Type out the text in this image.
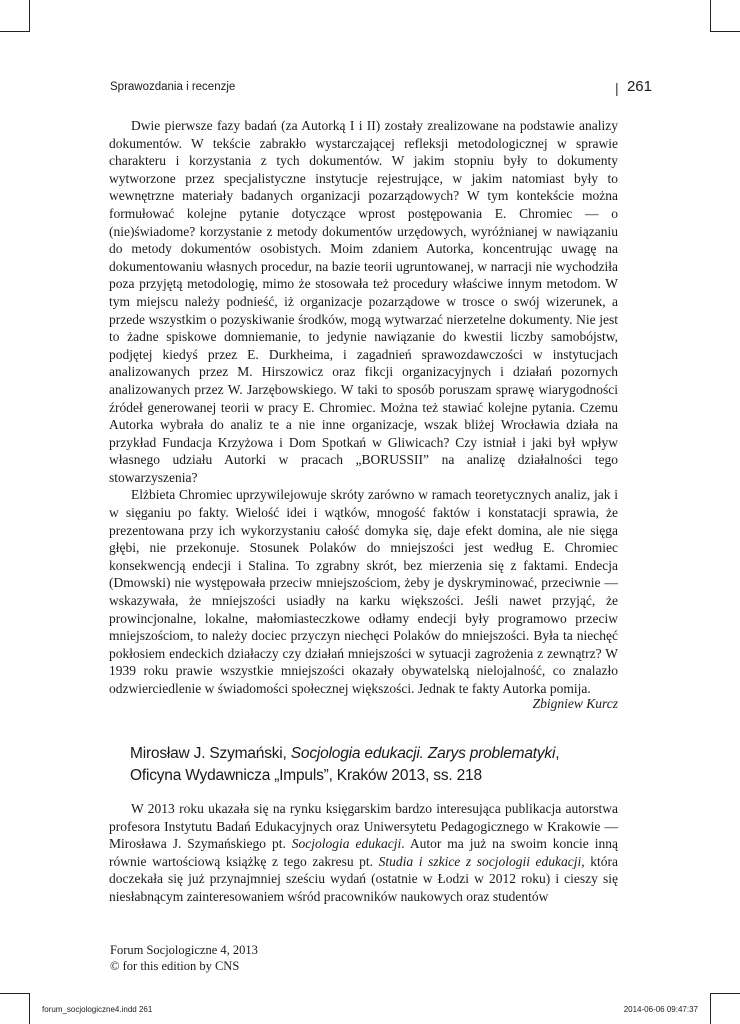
Sprawozdania i recenzje	| 261

Dwie pierwsze fazy badań (za Autorką I i II) zostały zrealizowane na podstawie analizy dokumentów. W tekście zabrakło wystarczającej refleksji metodologicznej w sprawie charakteru i korzystania z tych dokumentów. W jakim stopniu były to dokumenty wytworzone przez specjalistyczne instytucje rejestrujące, w jakim natomiast były to wewnętrzne materiały badanych organizacji pozarządowych? W tym kontekście można formułować kolejne pytanie dotyczące wprost postępowania E. Chromiec — o (nie)świadome? korzystanie z metody dokumentów urzędowych, wyróżnianej w nawiązaniu do metody dokumentów osobistych. Moim zdaniem Autorka, koncentrując uwagę na dokumentowaniu własnych procedur, na bazie teorii ugruntowanej, w narracji nie wychodziła poza przyjętą metodologię, mimo że stosowała też procedury właściwe innym metodom. W tym miejscu należy podnieść, iż organizacje pozarządowe w trosce o swój wizerunek, a przede wszystkim o pozyskiwanie środków, mogą wytwarzać nierzetelne dokumenty. Nie jest to żadne spiskowe domniemanie, to jedynie nawiązanie do kwestii liczby samobójstw, podjętej kiedyś przez E. Durkheima, i zagadnień sprawozdawczości w instytucjach analizowanych przez M. Hirszowicz oraz fikcji organizacyjnych i działań pozornych analizowanych przez W. Jarzębowskiego. W taki to sposób poruszam sprawę wiarygodności źródeł generowanej teorii w pracy E. Chromiec. Można też stawiać kolejne pytania. Czemu Autorka wybrała do analiz te a nie inne organizacje, wszak bliżej Wrocławia działa na przykład Fundacja Krzyżowa i Dom Spotkań w Gliwicach? Czy istniał i jaki był wpływ własnego udziału Autorki w pracach „BORUSSII” na analizę działalności tego stowarzyszenia?

Elżbieta Chromiec uprzywilejowuje skróty zarówno w ramach teoretycznych analiz, jak i w sięganiu po fakty. Wielość idei i wątków, mnogość faktów i konstatacji sprawia, że prezentowana przy ich wykorzystaniu całość domyka się, daje efekt domina, ale nie sięga głębi, nie przekonuje. Stosunek Polaków do mniejszości jest według E. Chromiec konsekwencją endecji i Stalina. To zgrabny skrót, bez mierzenia się z faktami. Endecja (Dmowski) nie występowała przeciw mniejszościom, żeby je dyskryminować, przeciwnie — wskazywała, że mniejszości usiadły na karku większości. Jeśli nawet przyjąć, że prowincjonalne, lokalne, małomiasteczkowe odłamy endecji były programowo przeciw mniejszościom, to należy dociec przyczyn niechęci Polaków do mniejszości. Była ta niechęć pokłosiem endeckich działaczy czy działań mniejszości w sytuacji zagrożenia z zewnątrz? W 1939 roku prawie wszystkie mniejszości okazały obywatelską nielojalność, co znalazło odzwierciedlenie w świadomości społecznej większości. Jednak te fakty Autorka pomija.

Zbigniew Kurcz
Mirosław J. Szymański, Socjologia edukacji. Zarys problematyki, Oficyna Wydawnicza „Impuls”, Kraków 2013, ss. 218

W 2013 roku ukazała się na rynku księgarskim bardzo interesująca publikacja autorstwa profesora Instytutu Badań Edukacyjnych oraz Uniwersytetu Pedagogicznego w Krakowie — Mirosława J. Szymańskiego pt. Socjologia edukacji. Autor ma już na swoim koncie inną równie wartościową książkę z tego zakresu pt. Studia i szkice z socjologii edukacji, która doczekała się już przynajmniej sześciu wydań (ostatnie w Łodzi w 2012 roku) i cieszy się niesłabnącym zainteresowaniem wśród pracowników naukowych oraz studentów

Forum Socjologiczne 4, 2013
© for this edition by CNS
forum_socjologiczne4.indd 261	2014-06-06 09:47:37
